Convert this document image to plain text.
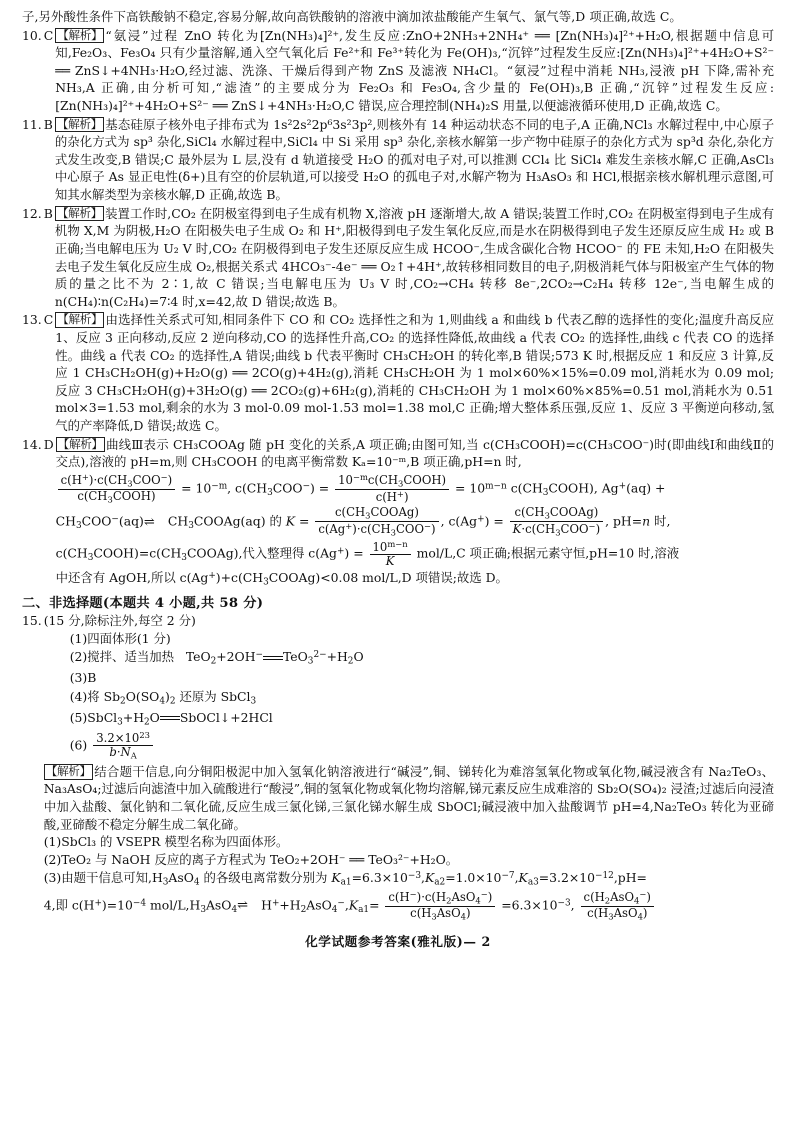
子,另外酸性条件下高铁酸钠不稳定,容易分解,故向高铁酸钠的溶液中滴加浓盐酸能产生氧气、氯气等,D 项正确,故选 C。

10. C 【解析】 “氨浸”过程 ZnO 转化为[Zn(NH₃)₄]²⁺,发生反应:ZnO+2NH₃+2NH₄⁺ ══ [Zn(NH₃)₄]²⁺+H₂O,根据题中信息可知,Fe₂O₃、Fe₃O₄ 只有少量溶解,通入空气氧化后 Fe²⁺和 Fe³⁺转化为 Fe(OH)₃,“沉锌”过程发生反应:[Zn(NH₃)₄]²⁺+4H₂O+S²⁻ ══ ZnS↓+4NH₃·H₂O,经过滤、洗涤、干燥后得到产物 ZnS 及滤液 NH₄Cl。“氨浸”过程中消耗 NH₃,浸液 pH 下降,需补充 NH₃,A 正确,由分析可知,“滤渣”的主要成分为 Fe₂O₃ 和 Fe₃O₄,含少量的 Fe(OH)₃,B 正确,“沉锌”过程发生反应:[Zn(NH₃)₄]²⁺+4H₂O+S²⁻ ══ ZnS↓+4NH₃·H₂O,C 错误,应合理控制(NH₄)₂S 用量,以便滤液循环使用,D 正确,故选 C。
11. B 【解析】 基态硅原子核外电子排布式为 1s²2s²2p⁶3s²3p²,则核外有 14 种运动状态不同的电子,A 正确,NCl₃ 水解过程中,中心原子的杂化方式为 sp³ 杂化,SiCl₄ 水解过程中,SiCl₄ 中 Si 采用 sp³ 杂化,亲核水解第一步产物中硅原子的杂化方式为 sp³d 杂化,杂化方式发生改变,B 错误;C 最外层为 L 层,没有 d 轨道接受 H₂O 的孤对电子对,可以推测 CCl₄ 比 SiCl₄ 难发生亲核水解,C 正确,AsCl₃ 中心原子 As 显正电性(δ+)且有空的价层轨道,可以接受 H₂O 的孤电子对,水解产物为 H₃AsO₃ 和 HCl,根据亲核水解机理示意图,可知其水解类型为亲核水解,D 正确,故选 B。
12. B 【解析】 装置工作时,CO₂ 在阴极室得到电子生成有机物 X,溶液 pH 逐渐增大,故 A 错误;装置工作时,CO₂ 在阴极室得到电子生成有机物 X,M 为阴极,H₂O 在阳极失电子生成 O₂ 和 H⁺,阳极得到电子发生氧化反应,而是水在阴极得到电子发生还原反应生成 H₂ 或 B 正确;当电解电压为 U₂ V 时,CO₂ 在阴极得到电子发生还原反应生成 HCOO⁻,生成含碳化合物 HCOO⁻ 的 FE 未知,H₂O 在阳极失去电子发生氧化反应生成 O₂,根据关系式 4HCO₃⁻-4e⁻ ══ O₂↑+4H⁺,故转移相同数目的电子,阴极消耗气体与阳极室产生气体的物质的量之比不为 2∶1,故 C 错误;当电解电压为 U₃ V 时,CO₂→CH₄ 转移 8e⁻,2CO₂→C₂H₄ 转移 12e⁻,当电解生成的 n(CH₄)∶n(C₂H₄)=7∶4 时,x=42,故 D 错误;故选 B。
13. C 【解析】 由选择性关系式可知,相同条件下 CO 和 CO₂ 选择性之和为 1,则曲线 a 和曲线 b 代表乙醇的选择性的变化;温度升高反应 1、反应 3 正向移动,反应 2 逆向移动,CO 的选择性升高,CO₂ 的选择性降低,故曲线 a 代表 CO₂ 的选择性,曲线 c 代表 CO 的选择性。曲线 a 代表 CO₂ 的选择性,A 错误;曲线 b 代表平衡时 CH₃CH₂OH 的转化率,B 错误;573 K 时,根据反应 1 和反应 3 计算,反应 1 CH₃CH₂OH(g)+H₂O(g) ══ 2CO(g)+4H₂(g),消耗 CH₃CH₂OH 为 1 mol×60%×15%=0.09 mol,消耗水为 0.09 mol;反应 3 CH₃CH₂OH(g)+3H₂O(g) ══ 2CO₂(g)+6H₂(g),消耗的 CH₃CH₂OH 为 1 mol×60%×85%=0.51 mol,消耗水为 0.51 mol×3=1.53 mol,剩余的水为 3 mol-0.09 mol-1.53 mol=1.38 mol,C 正确;增大整体系压强,反应 1、反应 3 平衡逆向移动,氢气的产率降低,D 错误;故选 C。
14. D 【解析】 曲线Ⅲ表示 CH₃COOAg 随 pH 变化的关系,A 项正确;由图可知,当 c(CH₃COOH)=c(CH₃COO⁻)时(即曲线Ⅰ和曲线Ⅱ的交点),溶液的 pH=m,则 CH₃COOH 的电离平衡常数 Kₐ=10⁻ᵐ,B 项正确,pH=n 时,
$\frac{c(H^+)\cdot c(CH_3COO^-)}{c(CH_3COOH)} = 10^{-m}$, $c(CH_3COO^-) = \frac{10^{-m}c(CH_3COOH)}{c(H^+)} = 10^{m-n}$ $c(CH_3COOH)$, Ag+(aq) +
$CH_3COO^-(aq)$ ⇌ $CH_3COOAg(aq)$ 的 $K = \frac{c(CH_3COOAg)}{c(Ag^+)\cdot c(CH_3COO^-)}$ , $c(Ag^+) = \frac{c(CH_3COOAg)}{K\cdot c(CH_3COO^-)}$ , pH=n 时,
$c(CH_3COOH)=c(CH_3COOAg)$,代入整理得 $c(Ag^+) = \frac{10^{m-n}}{K} mol/L,C$ 项正确;根据元素守恒,pH=10 时,溶液
中还含有 AgOH,所以 $c(Ag^+)+c(CH_3COOAg)<0.08$ mol/L,D 项错误;故选 D。
二、非选择题(本题共 4 小题,共 58 分)
15. (15 分,除标注外,每空 2 分)
(1)四面体形(1 分)
(2)搅拌、适当加热   TeO$_2$+2OH− $TeO_3^{2-}+H_2O$
(3)B
(4)将 $Sb_2O(SO_4)_2$ 还原为 SbCl$_3$
$(5)SbCl_3+H_2O$ SbOCl↓+2HCl
$(6) \frac{3.2\times 10^{23}}{b\cdot N_A}$
【解析】 结合题干信息,向分铜阳极泥中加入氢氧化钠溶液进行“碱浸”,铜、锑转化为难溶氢氧化物或氧化物,碱浸液含有 Na₂TeO₃、Na₃AsO₄;过滤后向滤渣中加入硫酸进行“酸浸”,铜的氢氧化物或氧化物均溶解,锑元素反应生成难溶的 Sb₂O(SO₄)₂ 浸渣;过滤后向浸渣中加入盐酸、氯化钠和二氧化硫,反应生成三氯化锑,三氯化锑水解生成 SbOCl;碱浸液中加入盐酸调节 pH=4,Na₂TeO₃ 转化为亚碲酸,亚碲酸不稳定分解生成二氧化碲。
(1)SbCl₃ 的 VSEPR 模型名称为四面体形。
(2)TeO₂ 与 NaOH 反应的离子方程式为 TeO₂+2OH⁻ ══ TeO₃²⁻+H₂O。
(3)由题干信息可知$,H_3AsO_4$ 的各级电离常数分别为 $K_{a1}=6.3\times 10^{-3},K_{a2}=1.0\times 10^{-7},K_{a3}=3.2\times 10^{-12},pH=$
4,即 $c(H^+)=10^{-4}$ mol/$L,H_3AsO_4$ ⇌ $H^++H_2AsO_4^-,K_{a1}= \frac{c(H^-)\cdot c(H_2AsO_4^-)}{c(H_3AsO_4)} =6.3\times 10^{-3}$, $\frac{c(H_2AsO_4^-)}{c(H_3AsO_4)}$
化学试题参考答案(雅礼版)— 2
